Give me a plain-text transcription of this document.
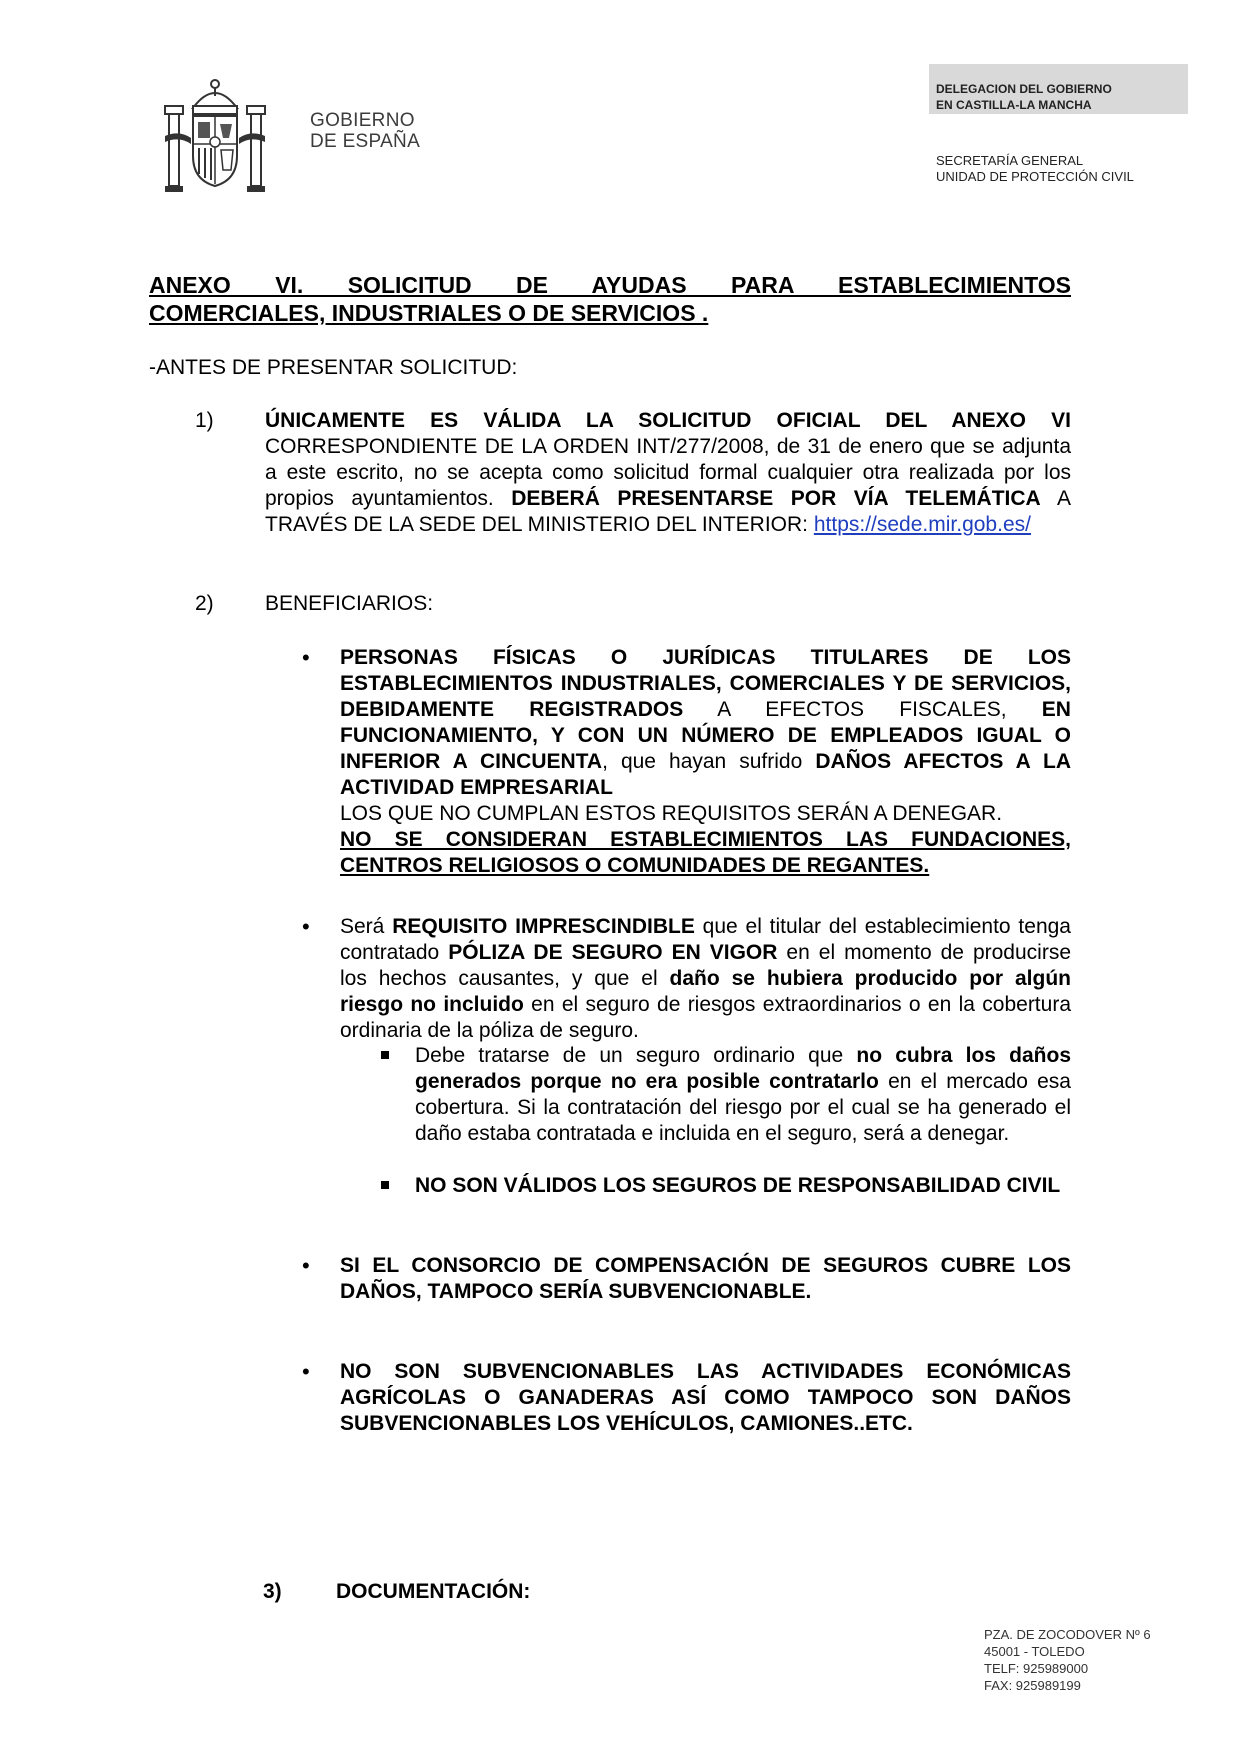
GOBIERNO
DE ESPAÑA
DELEGACION DEL GOBIERNO
EN CASTILLA-LA MANCHA
SECRETARÍA GENERAL
UNIDAD DE PROTECCIÓN CIVIL
ANEXO VI. SOLICITUD DE AYUDAS PARA ESTABLECIMIENTOS
COMERCIALES, INDUSTRIALES O DE SERVICIOS .
-ANTES DE PRESENTAR SOLICITUD:
1) ÚNICAMENTE ES VÁLIDA LA SOLICITUD OFICIAL DEL ANEXO VI CORRESPONDIENTE DE LA ORDEN INT/277/2008, de 31 de enero que se adjunta a este escrito, no se acepta como solicitud formal cualquier otra realizada por los propios ayuntamientos. DEBERÁ PRESENTARSE POR VÍA TELEMÁTICA A TRAVÉS DE LA SEDE DEL MINISTERIO DEL INTERIOR: https://sede.mir.gob.es/
2) BENEFICIARIOS:
• PERSONAS FÍSICAS O JURÍDICAS TITULARES DE LOS ESTABLECIMIENTOS INDUSTRIALES, COMERCIALES Y DE SERVICIOS, DEBIDAMENTE REGISTRADOS A EFECTOS FISCALES, EN FUNCIONAMIENTO, Y CON UN NÚMERO DE EMPLEADOS IGUAL O INFERIOR A CINCUENTA, que hayan sufrido DAÑOS AFECTOS A LA ACTIVIDAD EMPRESARIAL
LOS QUE NO CUMPLAN ESTOS REQUISITOS SERÁN A DENEGAR.
NO SE CONSIDERAN ESTABLECIMIENTOS LAS FUNDACIONES, CENTROS RELIGIOSOS O COMUNIDADES DE REGANTES.
• Será REQUISITO IMPRESCINDIBLE que el titular del establecimiento tenga contratado PÓLIZA DE SEGURO EN VIGOR en el momento de producirse los hechos causantes, y que el daño se hubiera producido por algún riesgo no incluido en el seguro de riesgos extraordinarios o en la cobertura ordinaria de la póliza de seguro.
Debe tratarse de un seguro ordinario que no cubra los daños generados porque no era posible contratarlo en el mercado esa cobertura. Si la contratación del riesgo por el cual se ha generado el daño estaba contratada e incluida en el seguro, será a denegar.
NO SON VÁLIDOS LOS SEGUROS DE RESPONSABILIDAD CIVIL
• SI EL CONSORCIO DE COMPENSACIÓN DE SEGUROS CUBRE LOS DAÑOS, TAMPOCO SERÍA SUBVENCIONABLE.
• NO SON SUBVENCIONABLES LAS ACTIVIDADES ECONÓMICAS AGRÍCOLAS O GANADERAS ASÍ COMO TAMPOCO SON DAÑOS SUBVENCIONABLES LOS VEHÍCULOS, CAMIONES..ETC.
3)	DOCUMENTACIÓN:
PZA. DE ZOCODOVER Nº 6
45001 - TOLEDO
TELF: 925989000
FAX: 925989199
